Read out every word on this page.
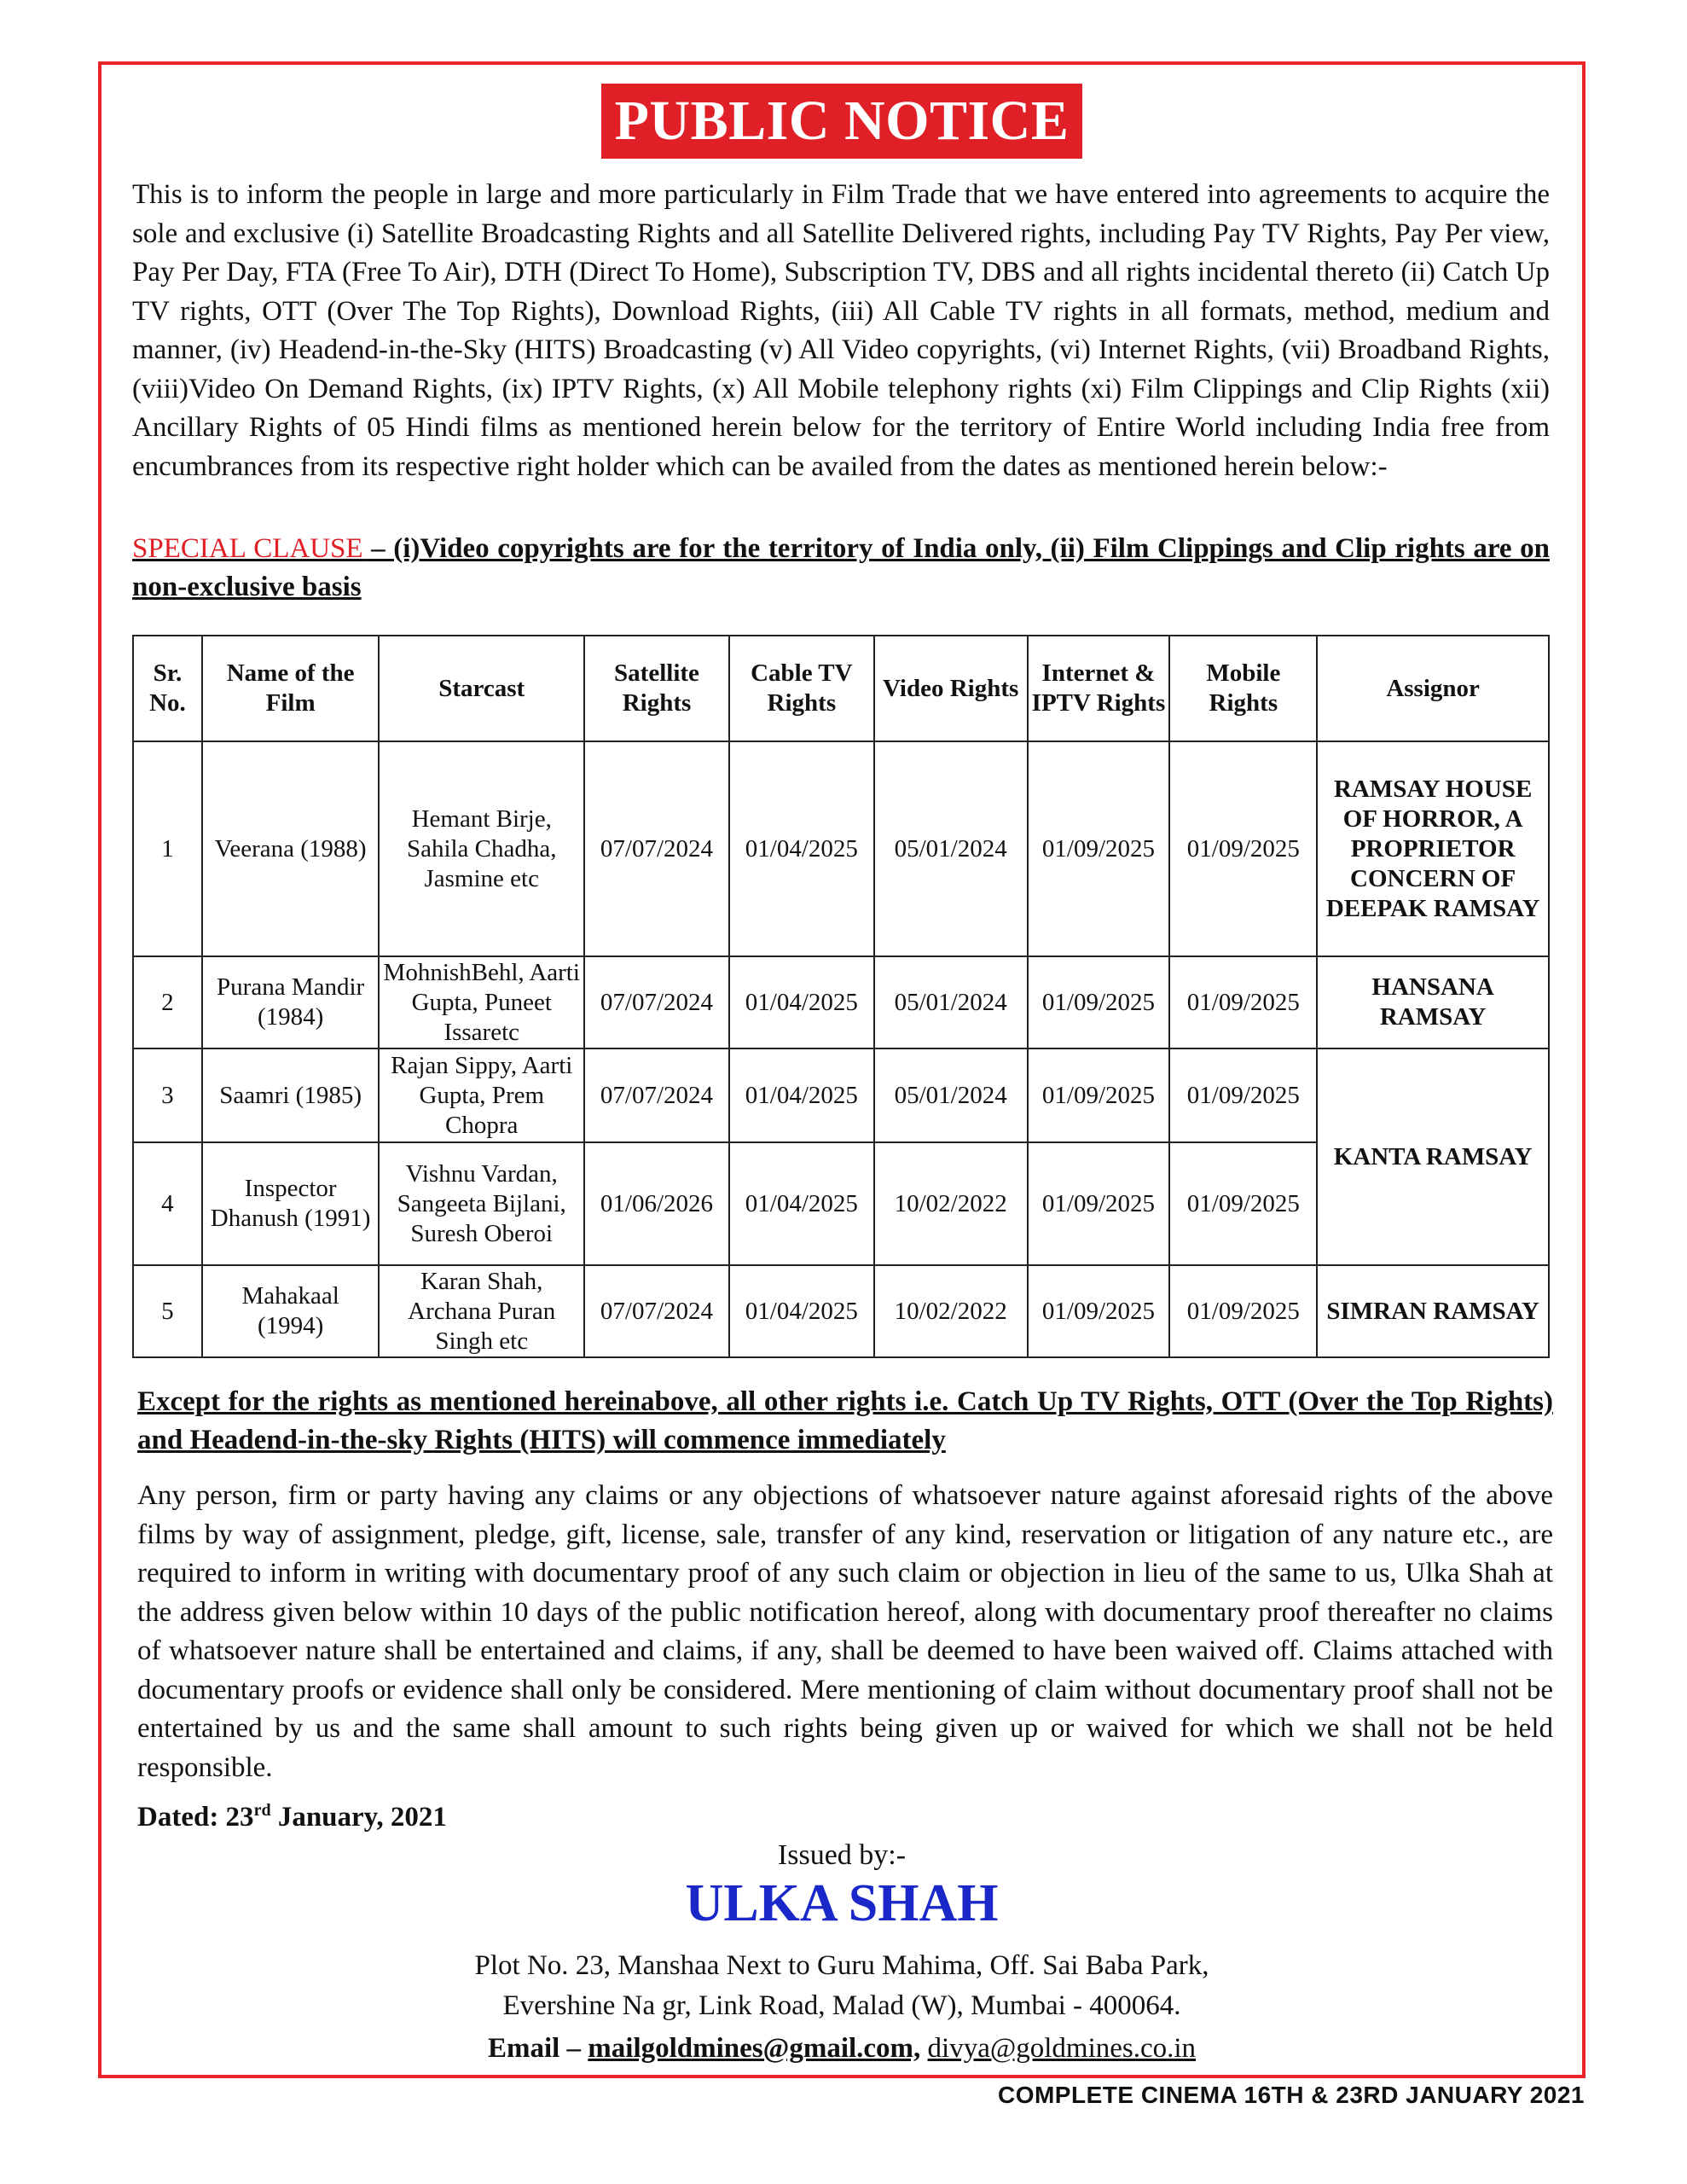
PUBLIC NOTICE
This is to inform the people in large and more particularly in Film Trade that we have entered into agreements to acquire the sole and exclusive (i) Satellite Broadcasting Rights and all Satellite Delivered rights, including Pay TV Rights, Pay Per view, Pay Per Day, FTA (Free To Air), DTH (Direct To Home), Subscription TV, DBS and all rights incidental thereto (ii) Catch Up TV rights, OTT (Over The Top Rights), Download Rights, (iii) All Cable TV rights in all formats, method, medium and manner, (iv) Headend-in-the-Sky (HITS) Broadcasting (v) All Video copyrights, (vi) Internet Rights, (vii) Broadband Rights, (viii)Video On Demand Rights, (ix) IPTV Rights, (x) All Mobile telephony rights (xi) Film Clippings and Clip Rights (xii) Ancillary Rights of 05 Hindi films as mentioned herein below for the territory of Entire World including India free from encumbrances from its respective right holder which can be availed from the dates as mentioned herein below:-
SPECIAL CLAUSE – (i)Video copyrights are for the territory of India only, (ii) Film Clippings and Clip rights are on non-exclusive basis
Sr. No.	Name of the Film	Starcast	Satellite Rights	Cable TV Rights	Video Rights	Internet & IPTV Rights	Mobile Rights	Assignor
1	Veerana (1988)	Hemant Birje, Sahila Chadha, Jasmine etc	07/07/2024	01/04/2025	05/01/2024	01/09/2025	01/09/2025	RAMSAY HOUSE OF HORROR, A PROPRIETOR CONCERN OF DEEPAK RAMSAY
2	Purana Mandir (1984)	MohnishBehl, Aarti Gupta, Puneet Issaretc	07/07/2024	01/04/2025	05/01/2024	01/09/2025	01/09/2025	HANSANA RAMSAY
3	Saamri (1985)	Rajan Sippy, Aarti Gupta, Prem Chopra	07/07/2024	01/04/2025	05/01/2024	01/09/2025	01/09/2025	KANTA RAMSAY
4	Inspector Dhanush (1991)	Vishnu Vardan, Sangeeta Bijlani, Suresh Oberoi	01/06/2026	01/04/2025	10/02/2022	01/09/2025	01/09/2025	
5	Mahakaal (1994)	Karan Shah, Archana Puran Singh etc	07/07/2024	01/04/2025	10/02/2022	01/09/2025	01/09/2025	SIMRAN RAMSAY
Except for the rights as mentioned hereinabove, all other rights i.e. Catch Up TV Rights, OTT (Over the Top Rights) and Headend-in-the-sky Rights (HITS) will commence immediately
Any person, firm or party having any claims or any objections of whatsoever nature against aforesaid rights of the above films by way of assignment, pledge, gift, license, sale, transfer of any kind, reservation or litigation of any nature etc., are required to inform in writing with documentary proof of any such claim or objection in lieu of the same to us, Ulka Shah at the address given below within 10 days of the public notification hereof, along with documentary proof thereafter no claims of whatsoever nature shall be entertained and claims, if any, shall be deemed to have been waived off. Claims attached with documentary proofs or evidence shall only be considered. Mere mentioning of claim without documentary proof shall not be entertained by us and the same shall amount to such rights being given up or waived for which we shall not be held responsible.
Dated: 23rd January, 2021
Issued by:-
ULKA SHAH
Plot No. 23, Manshaa Next to Guru Mahima, Off. Sai Baba Park,
Evershine Na gr, Link Road, Malad (W), Mumbai - 400064.
Email – mailgoldmines@gmail.com, divya@goldmines.co.in
COMPLETE CINEMA 16TH & 23RD JANUARY 2021
